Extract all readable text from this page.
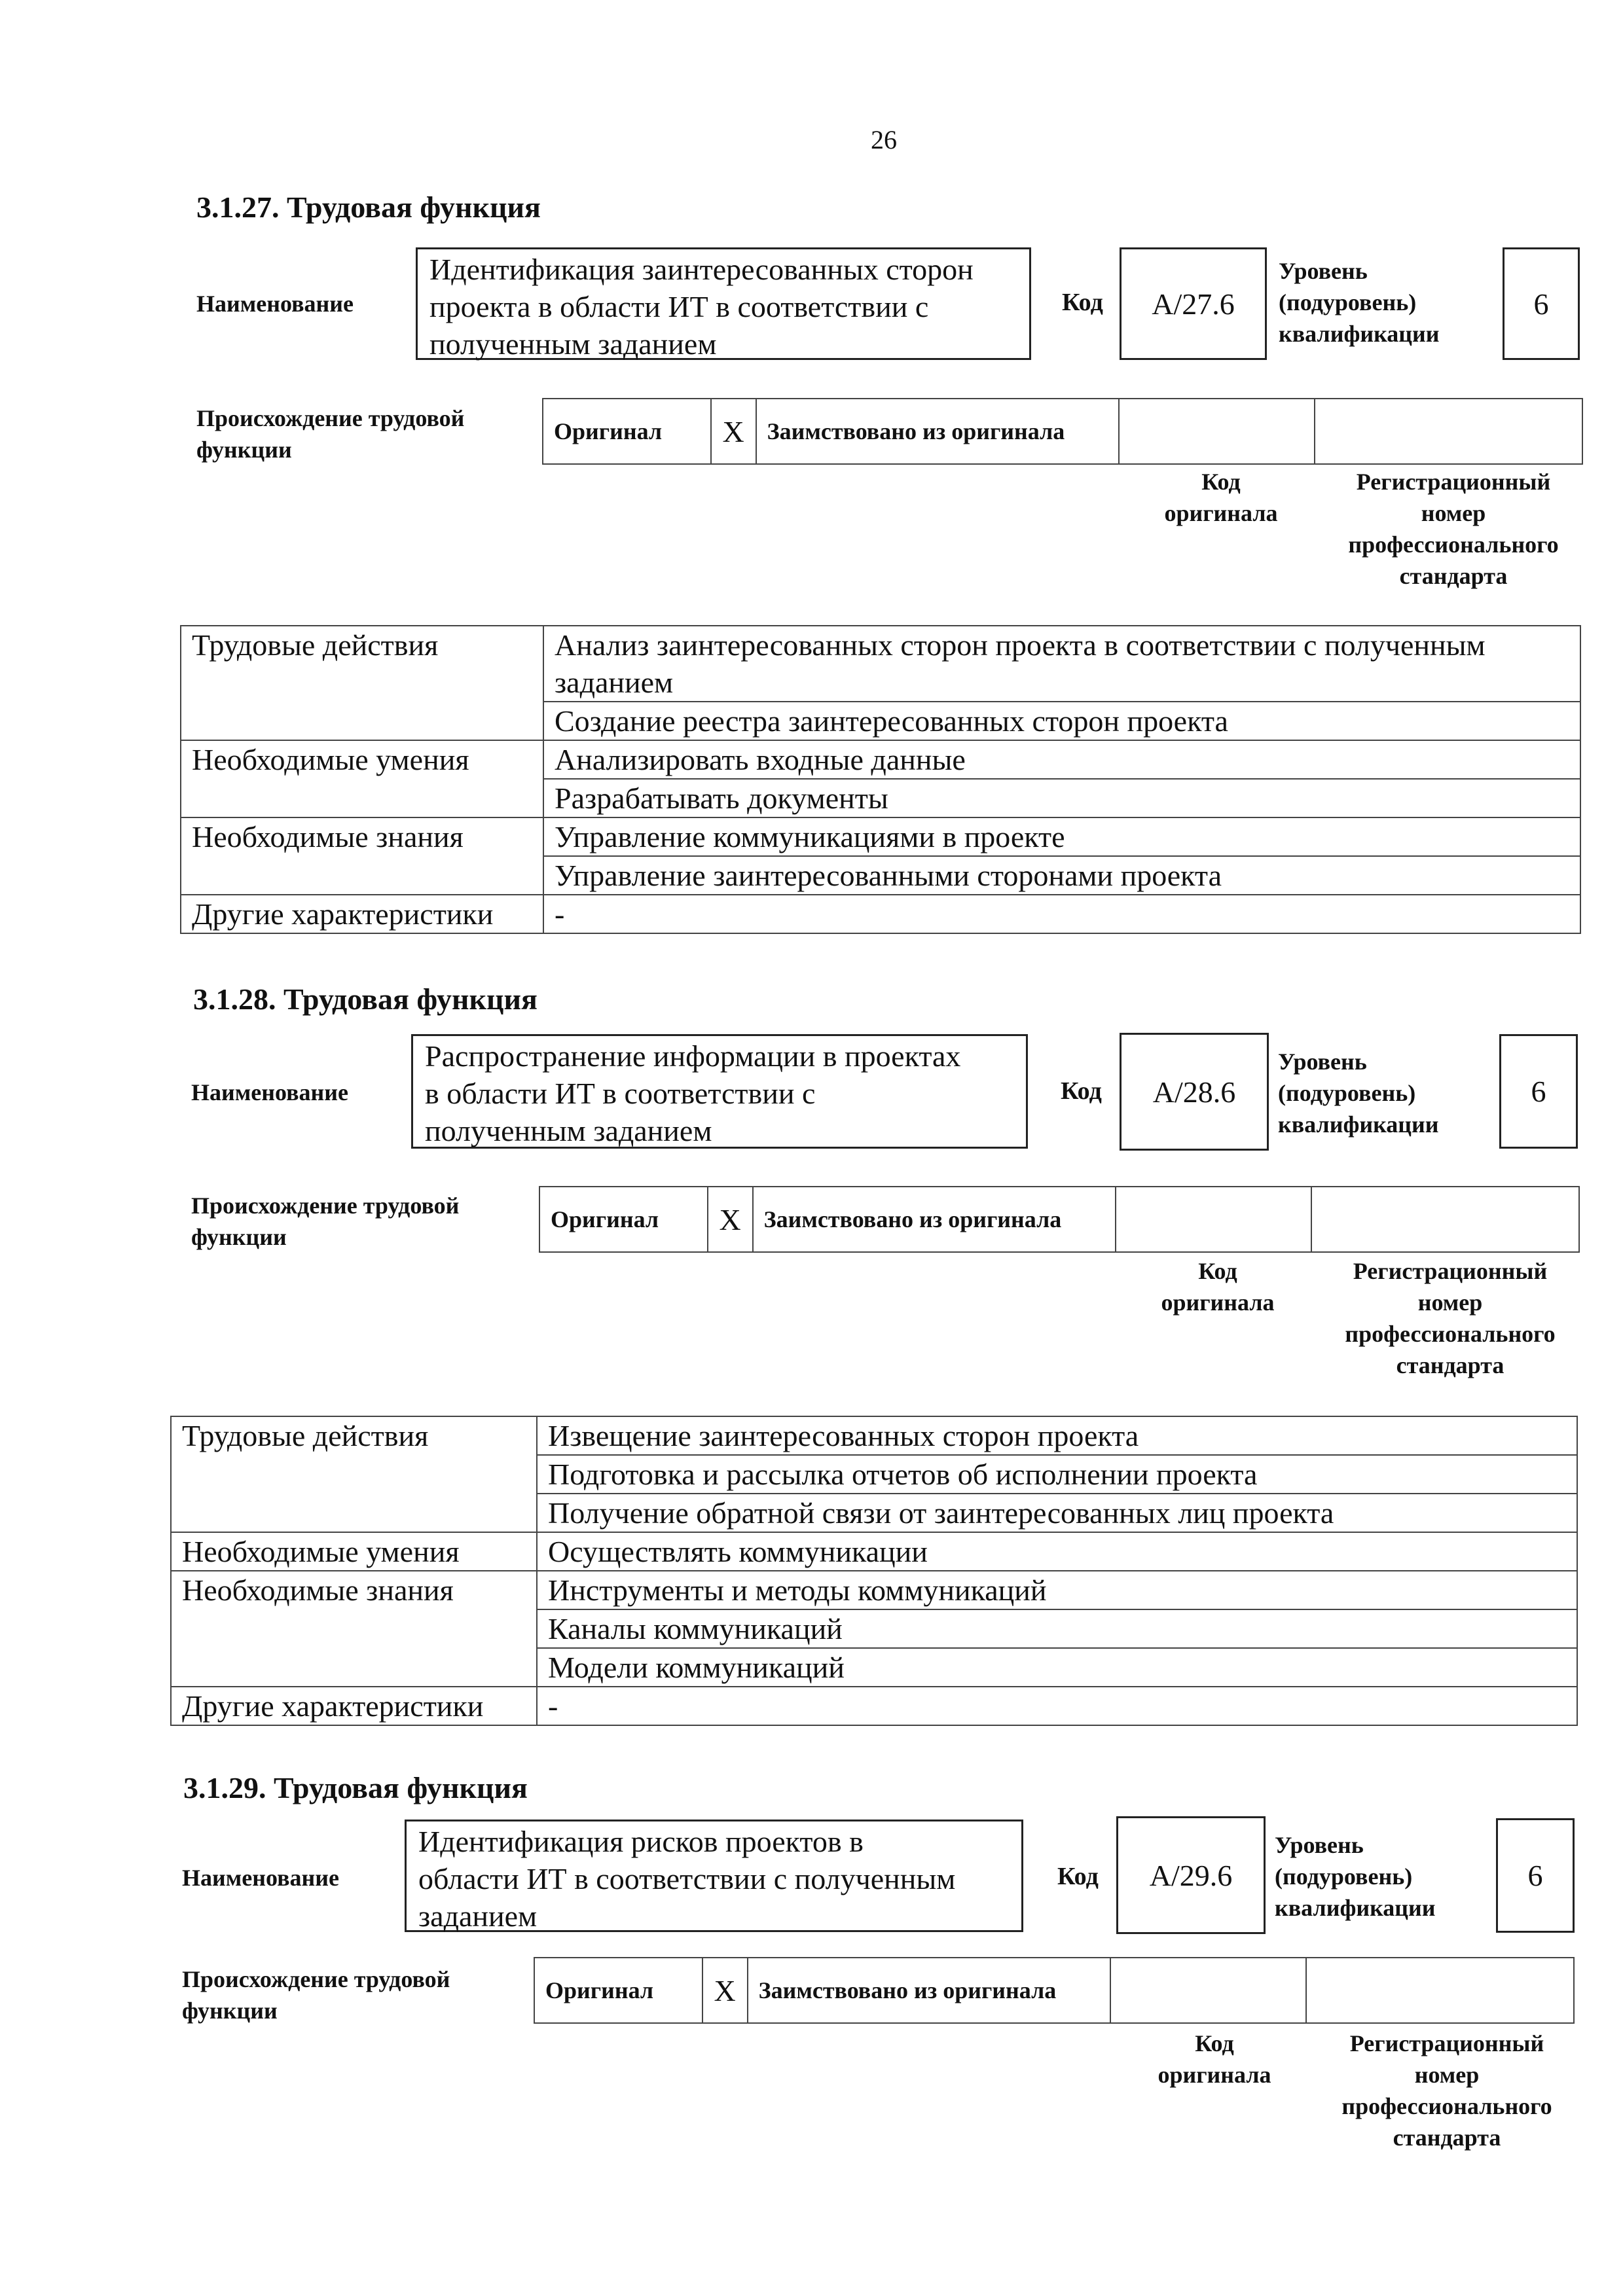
26
3.1.27. Трудовая функция
Наименование
Идентификация заинтересованных сторон
проекта в области ИТ в соответствии с
полученным заданием
Код A/27.6
Уровень
(подуровень)
квалификации
6
Происхождение трудовой
функции
Оригинал	X	Заимствовано из оригинала		
Код
оригинала
Регистрационный
номер
профессионального
стандарта
Трудовые действия	Анализ заинтересованных сторон проекта в соответствии с полученным заданием
	Создание реестра заинтересованных сторон проекта
Необходимые умения	Анализировать входные данные
	Разрабатывать документы
Необходимые знания	Управление коммуникациями в проекте
	Управление заинтересованными сторонами проекта
Другие характеристики	-
3.1.28. Трудовая функция
Наименование
Распространение информации в проектах
в области ИТ в соответствии с
полученным заданием
Код A/28.6
Уровень
(подуровень)
квалификации
6
Происхождение трудовой
функции
Оригинал	X	Заимствовано из оригинала		
Код
оригинала
Регистрационный
номер
профессионального
стандарта
Трудовые действия	Извещение заинтересованных сторон проекта
	Подготовка и рассылка отчетов об исполнении проекта
	Получение обратной связи от заинтересованных лиц проекта
Необходимые умения	Осуществлять коммуникации
Необходимые знания	Инструменты и методы коммуникаций
	Каналы коммуникаций
	Модели коммуникаций
Другие характеристики	-
3.1.29. Трудовая функция
Наименование
Идентификация рисков проектов в
области ИТ в соответствии с полученным
заданием
Код A/29.6
Уровень
(подуровень)
квалификации
6
Происхождение трудовой
функции
Оригинал	X	Заимствовано из оригинала		
Код
оригинала
Регистрационный
номер
профессионального
стандарта
